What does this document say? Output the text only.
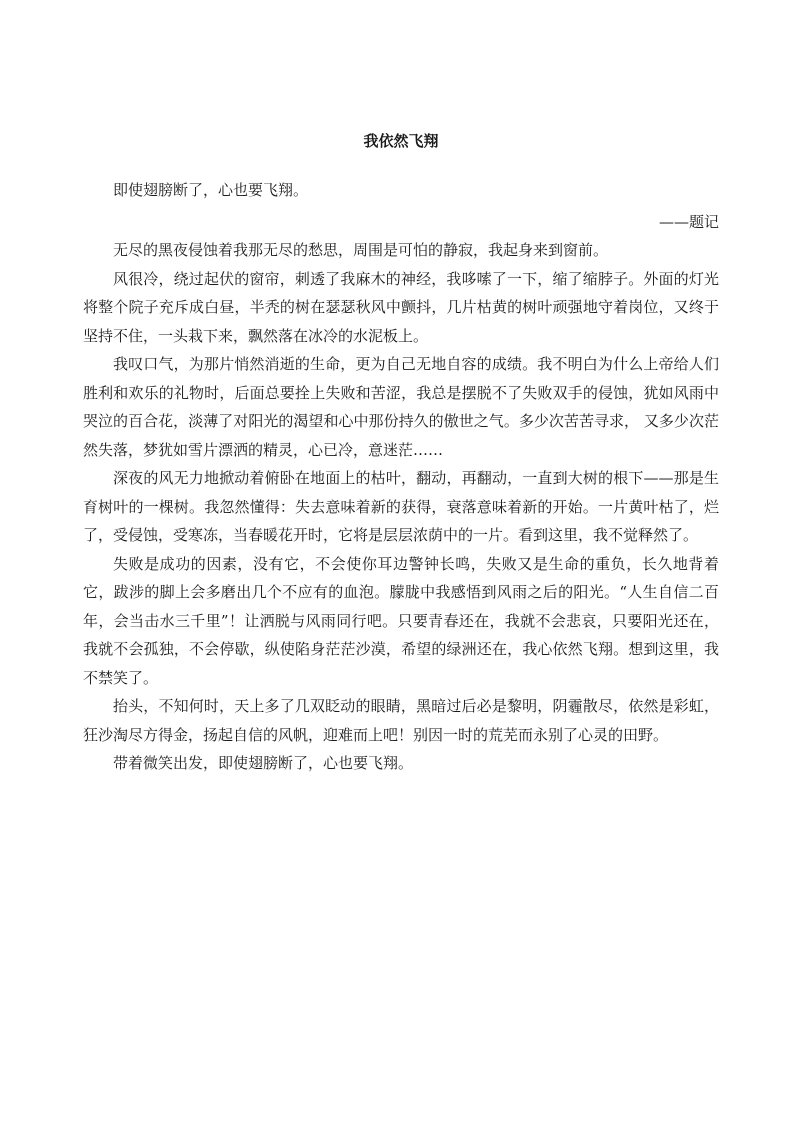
我依然飞翔

即使翅膀断了，心也要飞翔。

——题记

无尽的黑夜侵蚀着我那无尽的愁思，周围是可怕的静寂，我起身来到窗前。

风很冷，绕过起伏的窗帘，刺透了我麻木的神经，我哆嗦了一下，缩了缩脖子。外面的灯光将整个院子充斥成白昼，半秃的树在瑟瑟秋风中颤抖，几片枯黄的树叶顽强地守着岗位，又终于坚持不住，一头栽下来，飘然落在冰冷的水泥板上。

我叹口气，为那片悄然消逝的生命，更为自己无地自容的成绩。我不明白为什么上帝给人们胜利和欢乐的礼物时，后面总要拴上失败和苦涩，我总是摆脱不了失败双手的侵蚀，犹如风雨中哭泣的百合花，淡薄了对阳光的渴望和心中那份持久的傲世之气。多少次苦苦寻求， 又多少次茫然失落，梦犹如雪片漂洒的精灵，心已冷，意迷茫……

深夜的风无力地掀动着俯卧在地面上的枯叶，翻动，再翻动，一直到大树的根下——那是生育树叶的一棵树。我忽然懂得：失去意味着新的获得，衰落意味着新的开始。一片黄叶枯了，烂了，受侵蚀，受寒冻，当春暖花开时，它将是层层浓荫中的一片。看到这里，我不觉释然了。

失败是成功的因素，没有它，不会使你耳边警钟长鸣，失败又是生命的重负，长久地背着它，跋涉的脚上会多磨出几个不应有的血泡。朦胧中我感悟到风雨之后的阳光。“人生自信二百年，会当击水三千里”！让洒脱与风雨同行吧。只要青春还在，我就不会悲哀，只要阳光还在，我就不会孤独，不会停歇，纵使陷身茫茫沙漠，希望的绿洲还在，我心依然飞翔。想到这里，我不禁笑了。

抬头，不知何时，天上多了几双眨动的眼睛，黑暗过后必是黎明，阴霾散尽，依然是彩虹，狂沙淘尽方得金，扬起自信的风帆，迎难而上吧！别因一时的荒芜而永别了心灵的田野。

带着微笑出发，即使翅膀断了，心也要飞翔。
